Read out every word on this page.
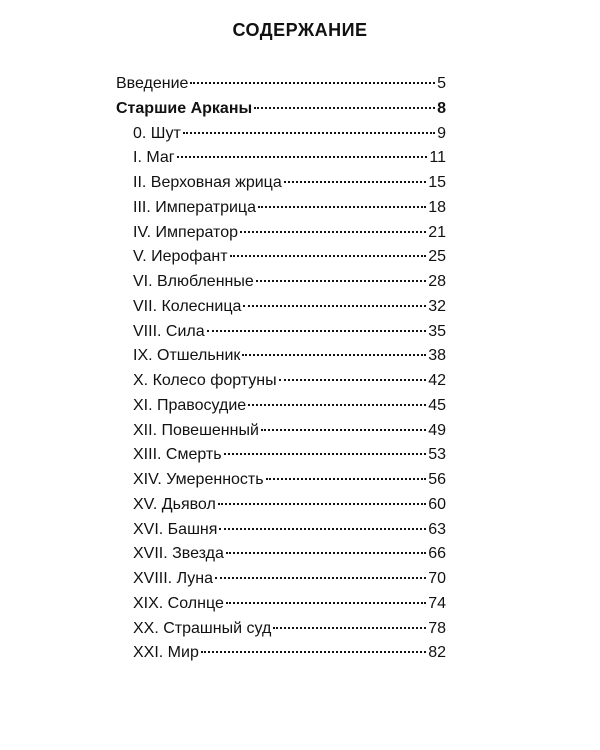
СОДЕРЖАНИЕ
Введение	5
Старшие Арканы	8
0. Шут	9
I. Маг	11
II. Верховная жрица	15
III. Императрица	18
IV. Император	21
V. Иерофант	25
VI. Влюбленные	28
VII. Колесница	32
VIII. Сила	35
IX. Отшельник	38
X. Колесо фортуны	42
XI. Правосудие	45
XII. Повешенный	49
XIII. Смерть	53
XIV. Умеренность	56
XV. Дьявол	60
XVI. Башня	63
XVII. Звезда	66
XVIII. Луна	70
XIX. Солнце	74
XX. Страшный суд	78
XXI. Мир	82
